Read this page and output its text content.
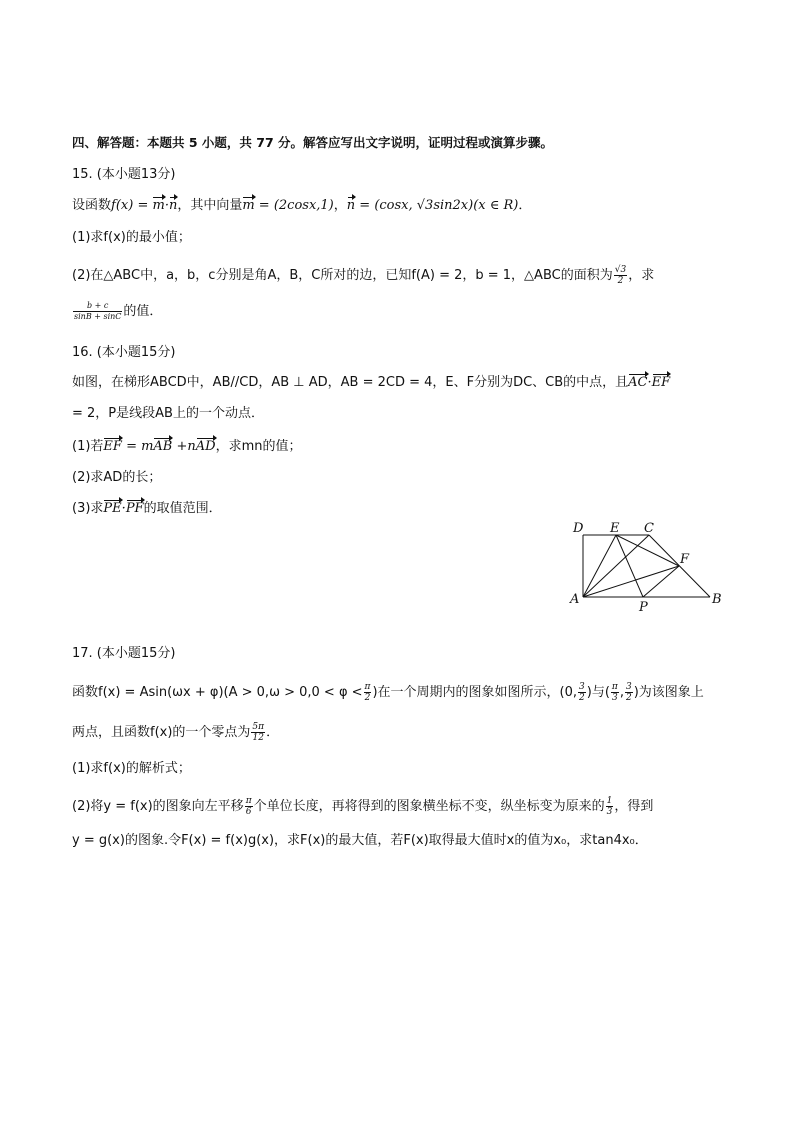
四、解答题：本题共 5 小题，共 77 分。解答应写出文字说明，证明过程或演算步骤。
15. (本小题13分)
设函数f(x) = m·n，其中向量m = (2cosx,1)，n = (cosx, √3sin2x)(x ∈ R)．
(1)求f(x)的最小值；
(2)在△ABC中，a，b，c分别是角A，B，C所对的边，已知f(A) = 2，b = 1，△ABC的面积为 $\frac{√3}{2}$ ，求
$\frac{b + c}{\sin B + \sin C}$ 的值．
16. (本小题15分)
如图，在梯形ABCD中，AB//CD，AB ⊥ AD，AB = 2CD = 4，E、F分别为DC、CB的中点，且AC·EF
= 2，P是线段AB上的一个动点．
(1)若EF = mAB +nAD，求mn的值；
(2)求AD的长；
(3)求PE·PF的取值范围．
D E C
F
A
P
B
17. (本小题15分)
函数$f(x) = Asin(\omega x + \varphi)(A > 0,\omega > 0,0 < \varphi < \frac{\pi}{2}$ )在一个周期内的图象如图所示，(0, $\frac{3}{2}$ )与( $\frac{\pi}{3}$ , $\frac{3}{2}$ )为该图象上
两点，且函数f(x)的一个零点为 $\frac{5\pi}{12}$ ．
(1)求f(x)的解析式；
(2)将y = f(x)的图象向左平移 $\frac{\pi}{6}$ 个单位长度，再将得到的图象横坐标不变，纵坐标变为原来的 $\frac{1}{3}$ ，得到
y = g(x)的图象.令F(x) = f(x)g(x)，求F(x)的最大值，若F(x)取得最大值时x的值为x₀，求tan4x₀．
